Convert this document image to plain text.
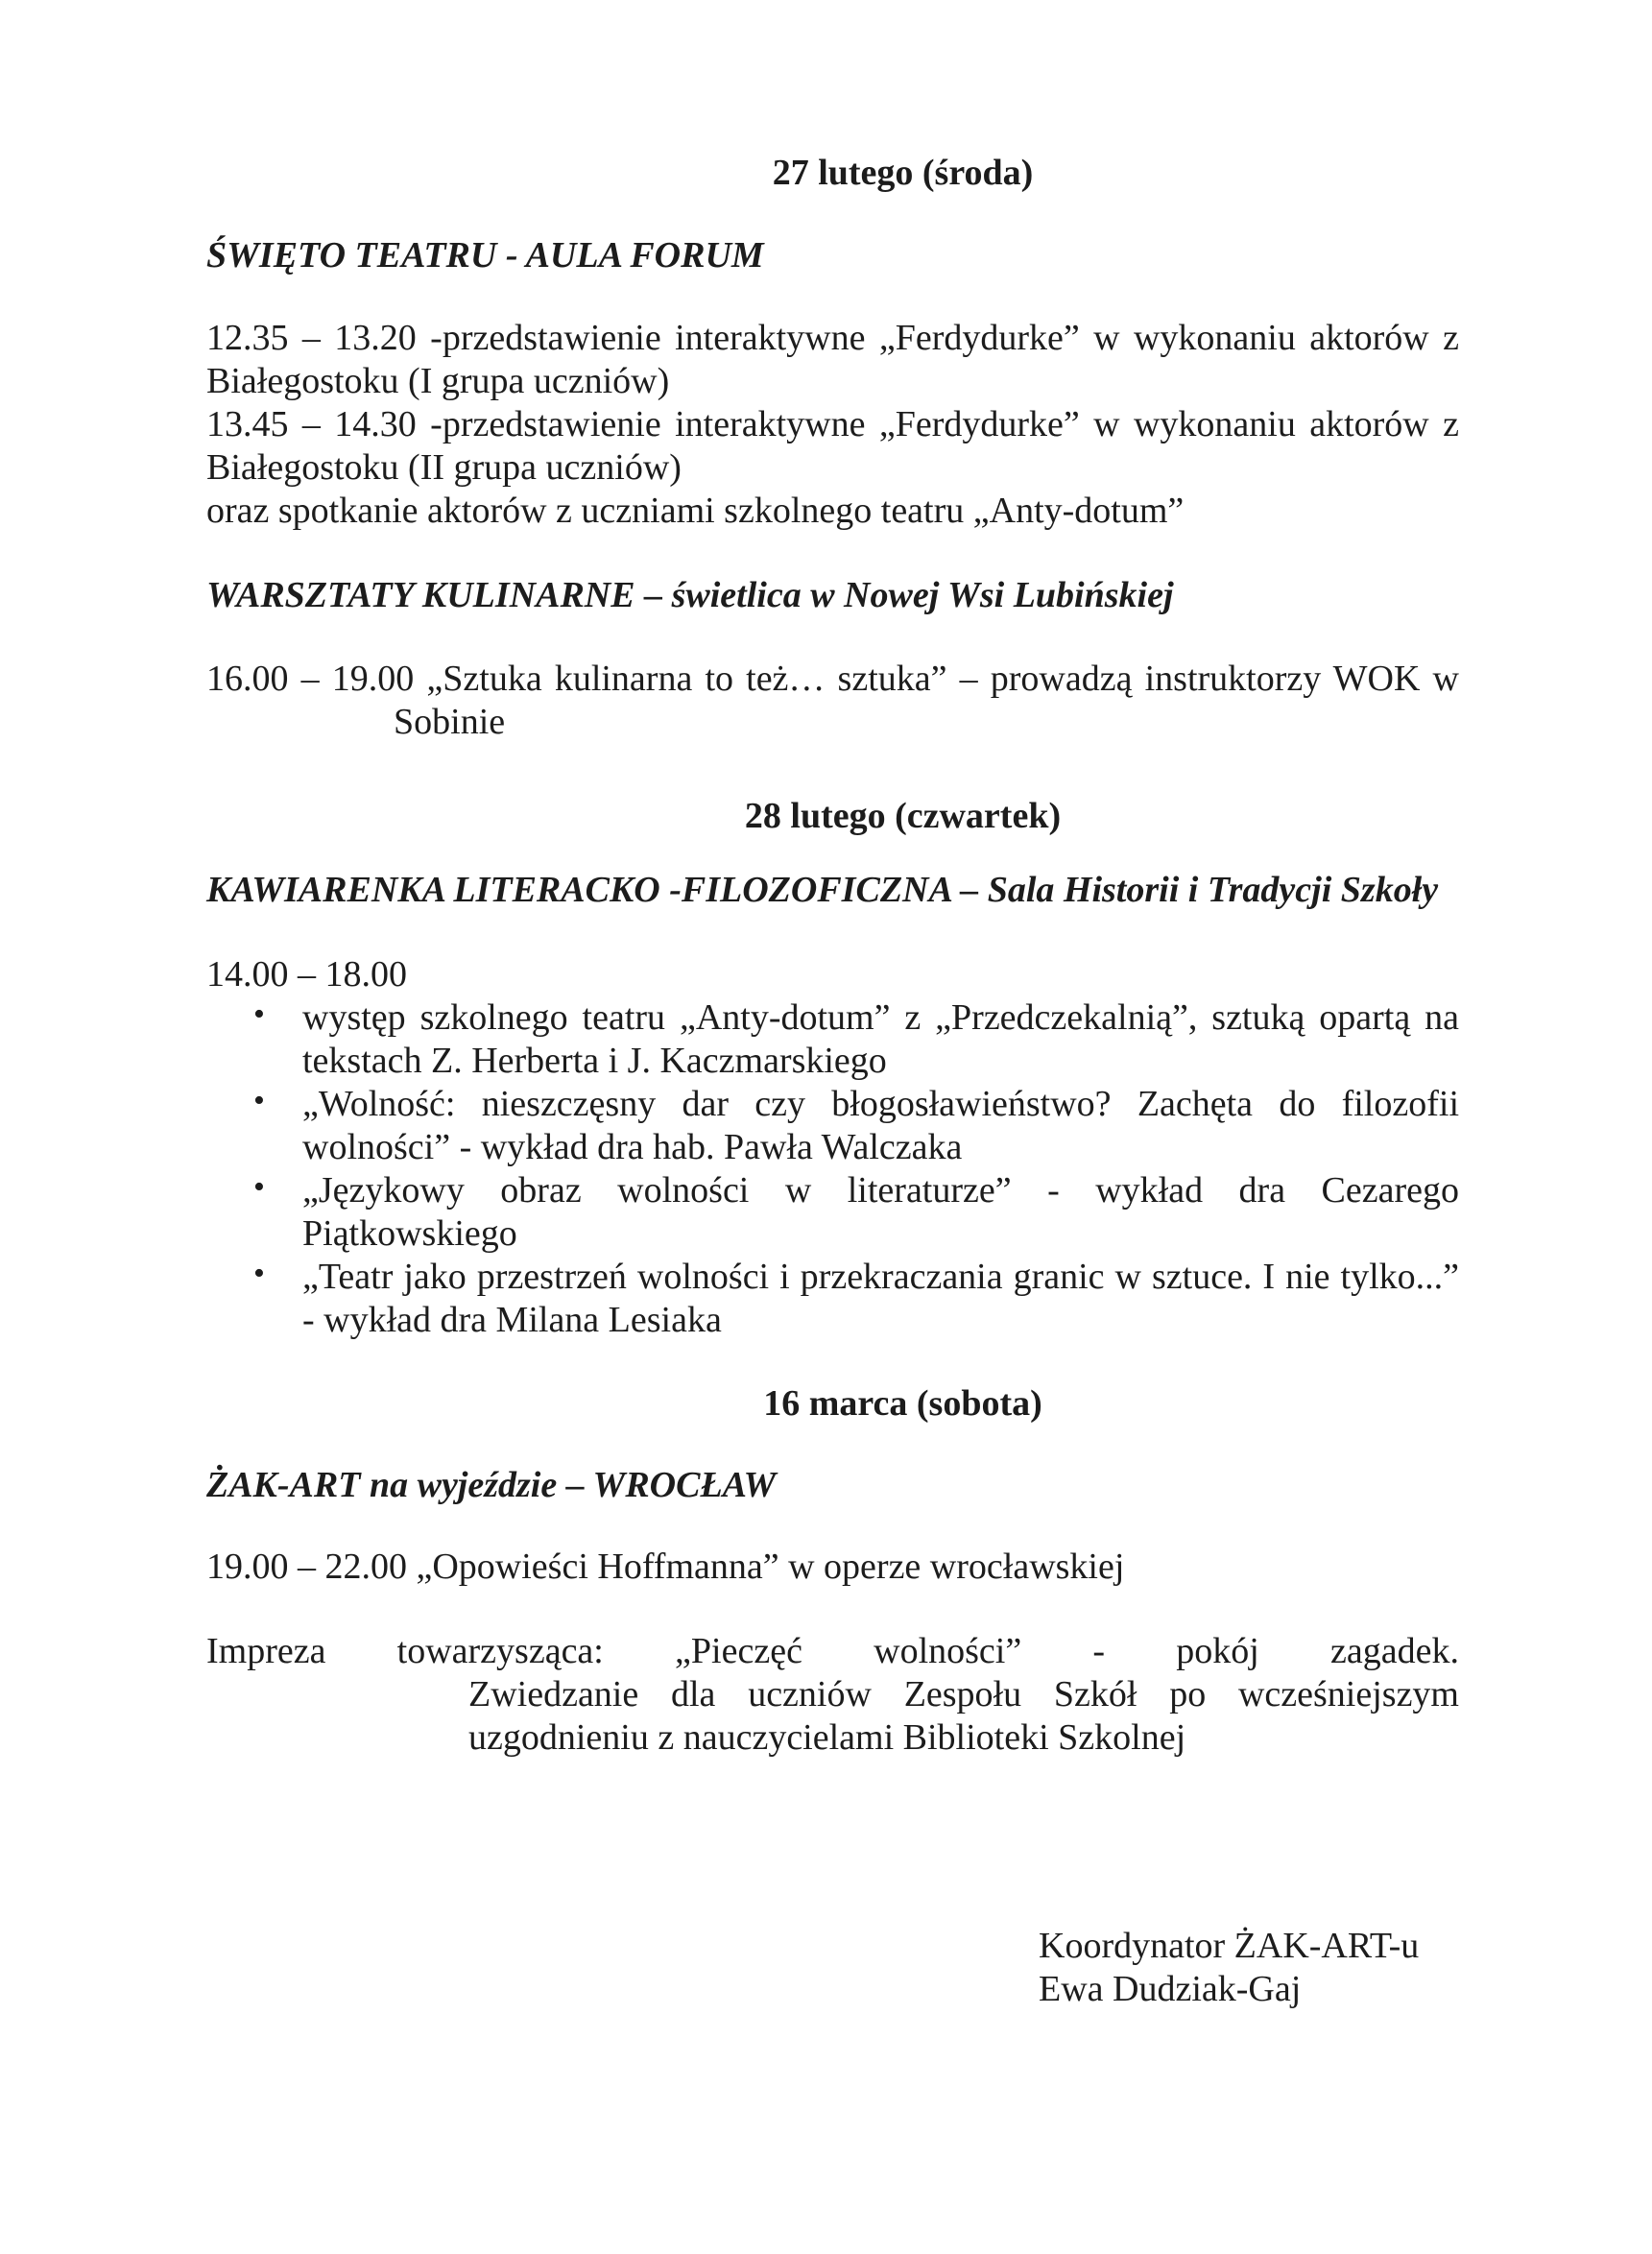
27 lutego (środa)
ŚWIĘTO TEATRU - AULA FORUM
12.35 – 13.20 -przedstawienie interaktywne „Ferdydurke” w wykonaniu aktorów z
Białegostoku (I grupa uczniów)
13.45 – 14.30 -przedstawienie interaktywne „Ferdydurke” w wykonaniu aktorów z
Białegostoku (II grupa uczniów)
oraz spotkanie aktorów z uczniami szkolnego teatru „Anty-dotum”
WARSZTATY KULINARNE – świetlica w Nowej Wsi Lubińskiej
16.00 – 19.00 „Sztuka kulinarna to też… sztuka” – prowadzą instruktorzy WOK w
Sobinie
28 lutego (czwartek)
KAWIARENKA LITERACKO -FILOZOFICZNA – Sala Historii i Tradycji Szkoły
14.00 – 18.00
• występ szkolnego teatru „Anty-dotum” z „Przedczekalnią”, sztuką opartą na
tekstach Z. Herberta i J. Kaczmarskiego
• „Wolność: nieszczęsny dar czy błogosławieństwo? Zachęta do filozofii
wolności” - wykład dra hab. Pawła Walczaka
• „Językowy obraz wolności w literaturze” - wykład dra Cezarego
Piątkowskiego
• „Teatr jako przestrzeń wolności i przekraczania granic w sztuce. I nie tylko...”
- wykład dra Milana Lesiaka
16 marca (sobota)
ŻAK-ART na wyjeździe – WROCŁAW
19.00 – 22.00 „Opowieści Hoffmanna” w operze wrocławskiej
Impreza towarzysząca: „Pieczęć wolności” - pokój zagadek.
Zwiedzanie dla uczniów Zespołu Szkół po wcześniejszym
uzgodnieniu z nauczycielami Biblioteki Szkolnej
Koordynator ŻAK-ART-u
Ewa Dudziak-Gaj
